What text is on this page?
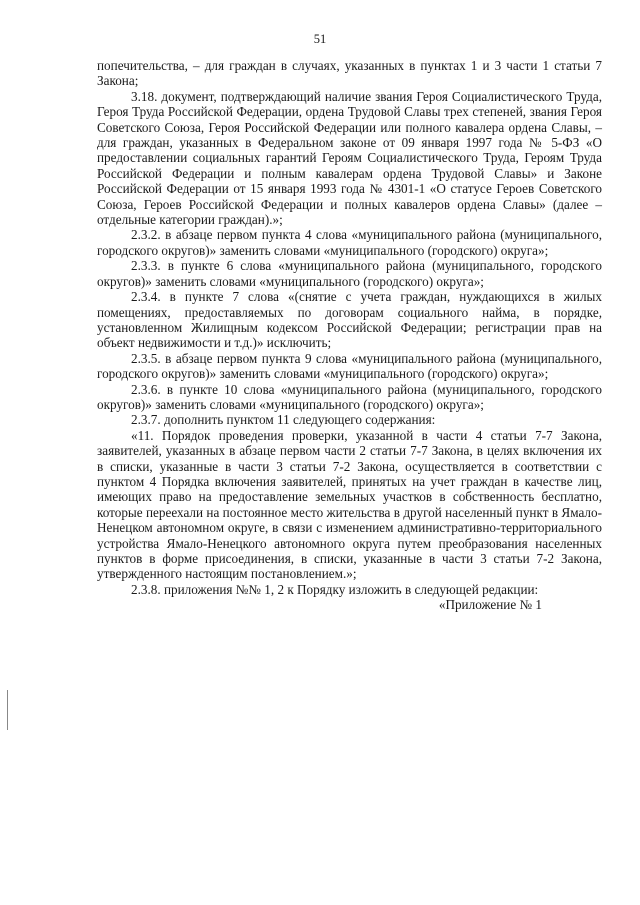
51

попечительства, – для граждан в случаях, указанных в пунктах 1 и 3 части 1 статьи 7 Закона;

3.18. документ, подтверждающий наличие звания Героя Социалистического Труда, Героя Труда Российской Федерации, ордена Трудовой Славы трех степеней, звания Героя Советского Союза, Героя Российской Федерации или полного кавалера ордена Славы, – для граждан, указанных в Федеральном законе от 09 января 1997 года № 5-ФЗ «О предоставлении социальных гарантий Героям Социалистического Труда, Героям Труда Российской Федерации и полным кавалерам ордена Трудовой Славы» и Законе Российской Федерации от 15 января 1993 года № 4301-1 «О статусе Героев Советского Союза, Героев Российской Федерации и полных кавалеров ордена Славы» (далее – отдельные категории граждан).»;

2.3.2. в абзаце первом пункта 4 слова «муниципального района (муниципального, городского округов)» заменить словами «муниципального (городского) округа»;

2.3.3. в пункте 6 слова «муниципального района (муниципального, городского округов)» заменить словами «муниципального (городского) округа»;

2.3.4. в пункте 7 слова «(снятие с учета граждан, нуждающихся в жилых помещениях, предоставляемых по договорам социального найма, в порядке, установленном Жилищным кодексом Российской Федерации; регистрации прав на объект недвижимости и т.д.)» исключить;

2.3.5. в абзаце первом пункта 9 слова «муниципального района (муниципального, городского округов)» заменить словами «муниципального (городского) округа»;

2.3.6. в пункте 10 слова «муниципального района (муниципального, городского округов)» заменить словами «муниципального (городского) округа»;

2.3.7. дополнить пунктом 11 следующего содержания:

«11. Порядок проведения проверки, указанной в части 4 статьи 7-7 Закона, заявителей, указанных в абзаце первом части 2 статьи 7-7 Закона, в целях включения их в списки, указанные в части 3 статьи 7-2 Закона, осуществляется в соответствии с пунктом 4 Порядка включения заявителей, принятых на учет граждан в качестве лиц, имеющих право на предоставление земельных участков в собственность бесплатно, которые переехали на постоянное место жительства в другой населенный пункт в Ямало-Ненецком автономном округе, в связи с изменением административно-территориального устройства Ямало-Ненецкого автономного округа путем преобразования населенных пунктов в форме присоединения, в списки, указанные в части 3 статьи 7-2 Закона, утвержденного настоящим постановлением.»;

2.3.8. приложения №№ 1, 2 к Порядку изложить в следующей редакции:

«Приложение № 1
